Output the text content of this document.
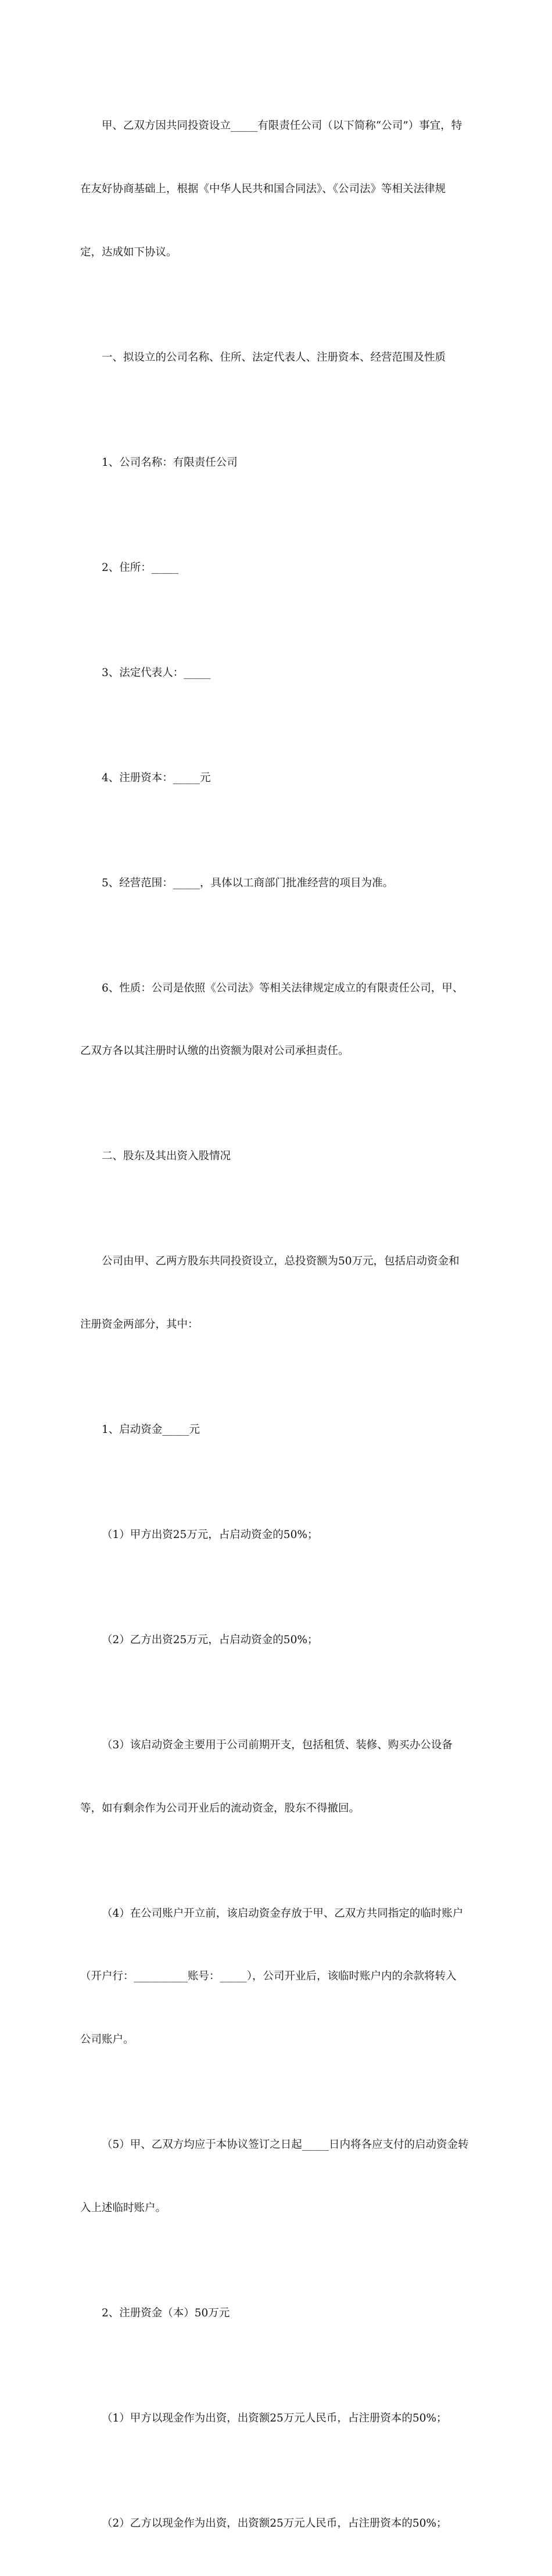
甲、乙双方因共同投资设立_____有限责任公司（以下简称“公司”）事宜，特

在友好协商基础上，根据《中华人民共和国合同法》、《公司法》等相关法律规

定，达成如下协议。

一、拟设立的公司名称、住所、法定代表人、注册资本、经营范围及性质

1、公司名称：有限责任公司

2、住所：_____

3、法定代表人：_____

4、注册资本：_____元

5、经营范围：_____，具体以工商部门批准经营的项目为准。

6、性质：公司是依照《公司法》等相关法律规定成立的有限责任公司，甲、

乙双方各以其注册时认缴的出资额为限对公司承担责任。

二、股东及其出资入股情况

公司由甲、乙两方股东共同投资设立，总投资额为50万元，包括启动资金和

注册资金两部分，其中：

1、启动资金_____元

（1）甲方出资25万元，占启动资金的50%；

（2）乙方出资25万元，占启动资金的50%；

（3）该启动资金主要用于公司前期开支，包括租赁、装修、购买办公设备

等，如有剩余作为公司开业后的流动资金，股东不得撤回。

（4）在公司账户开立前，该启动资金存放于甲、乙双方共同指定的临时账户

（开户行：__________账号：_____），公司开业后，该临时账户内的余款将转入

公司账户。

（5）甲、乙双方均应于本协议签订之日起_____日内将各应支付的启动资金转

入上述临时账户。

2、注册资金（本）50万元

（1）甲方以现金作为出资，出资额25万元人民币，占注册资本的50%；

（2）乙方以现金作为出资，出资额25万元人民币，占注册资本的50%；
